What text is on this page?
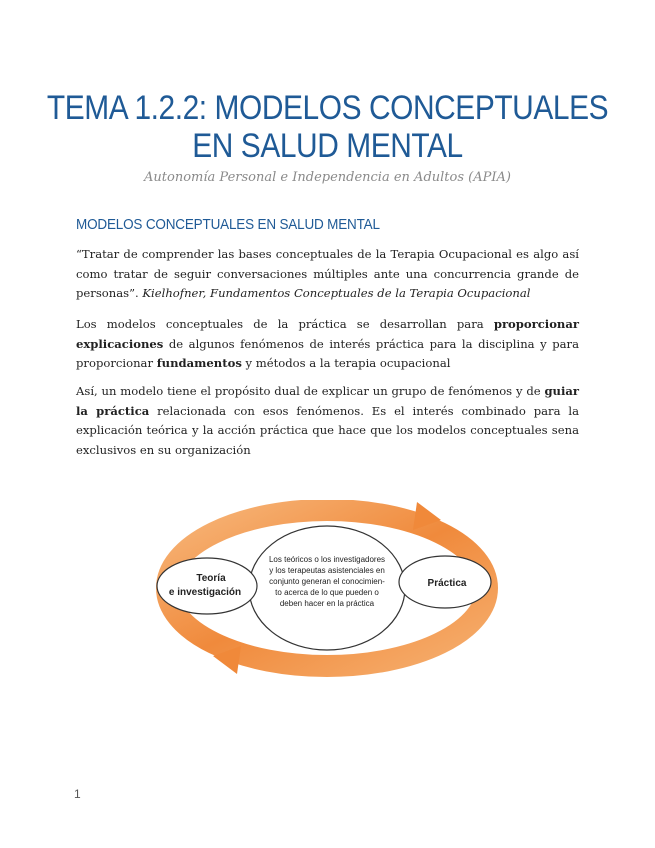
TEMA 1.2.2: MODELOS CONCEPTUALES
EN SALUD MENTAL
Autonomía Personal e Independencia en Adultos (APIA)
MODELOS CONCEPTUALES EN SALUD MENTAL
“Tratar de comprender las bases conceptuales de la Terapia Ocupacional es algo así como tratar de seguir conversaciones múltiples ante una concurrencia grande de personas”. Kielhofner, Fundamentos Conceptuales de la Terapia Ocupacional
Los modelos conceptuales de la práctica se desarrollan para proporcionar explicaciones de algunos fenómenos de interés práctica para la disciplina y para proporcionar fundamentos y métodos a la terapia ocupacional
Así, un modelo tiene el propósito dual de explicar un grupo de fenómenos y de guiar la práctica relacionada con esos fenómenos. Es el interés combinado para la explicación teórica y la acción práctica que hace que los modelos conceptuales sena exclusivos en su organización
Teoría
e investigación
Práctica
Los teóricos o los investigadores
y los terapeutas asistenciales en
conjunto generan el conocimien-
to acerca de lo que pueden o
deben hacer en la práctica
1
